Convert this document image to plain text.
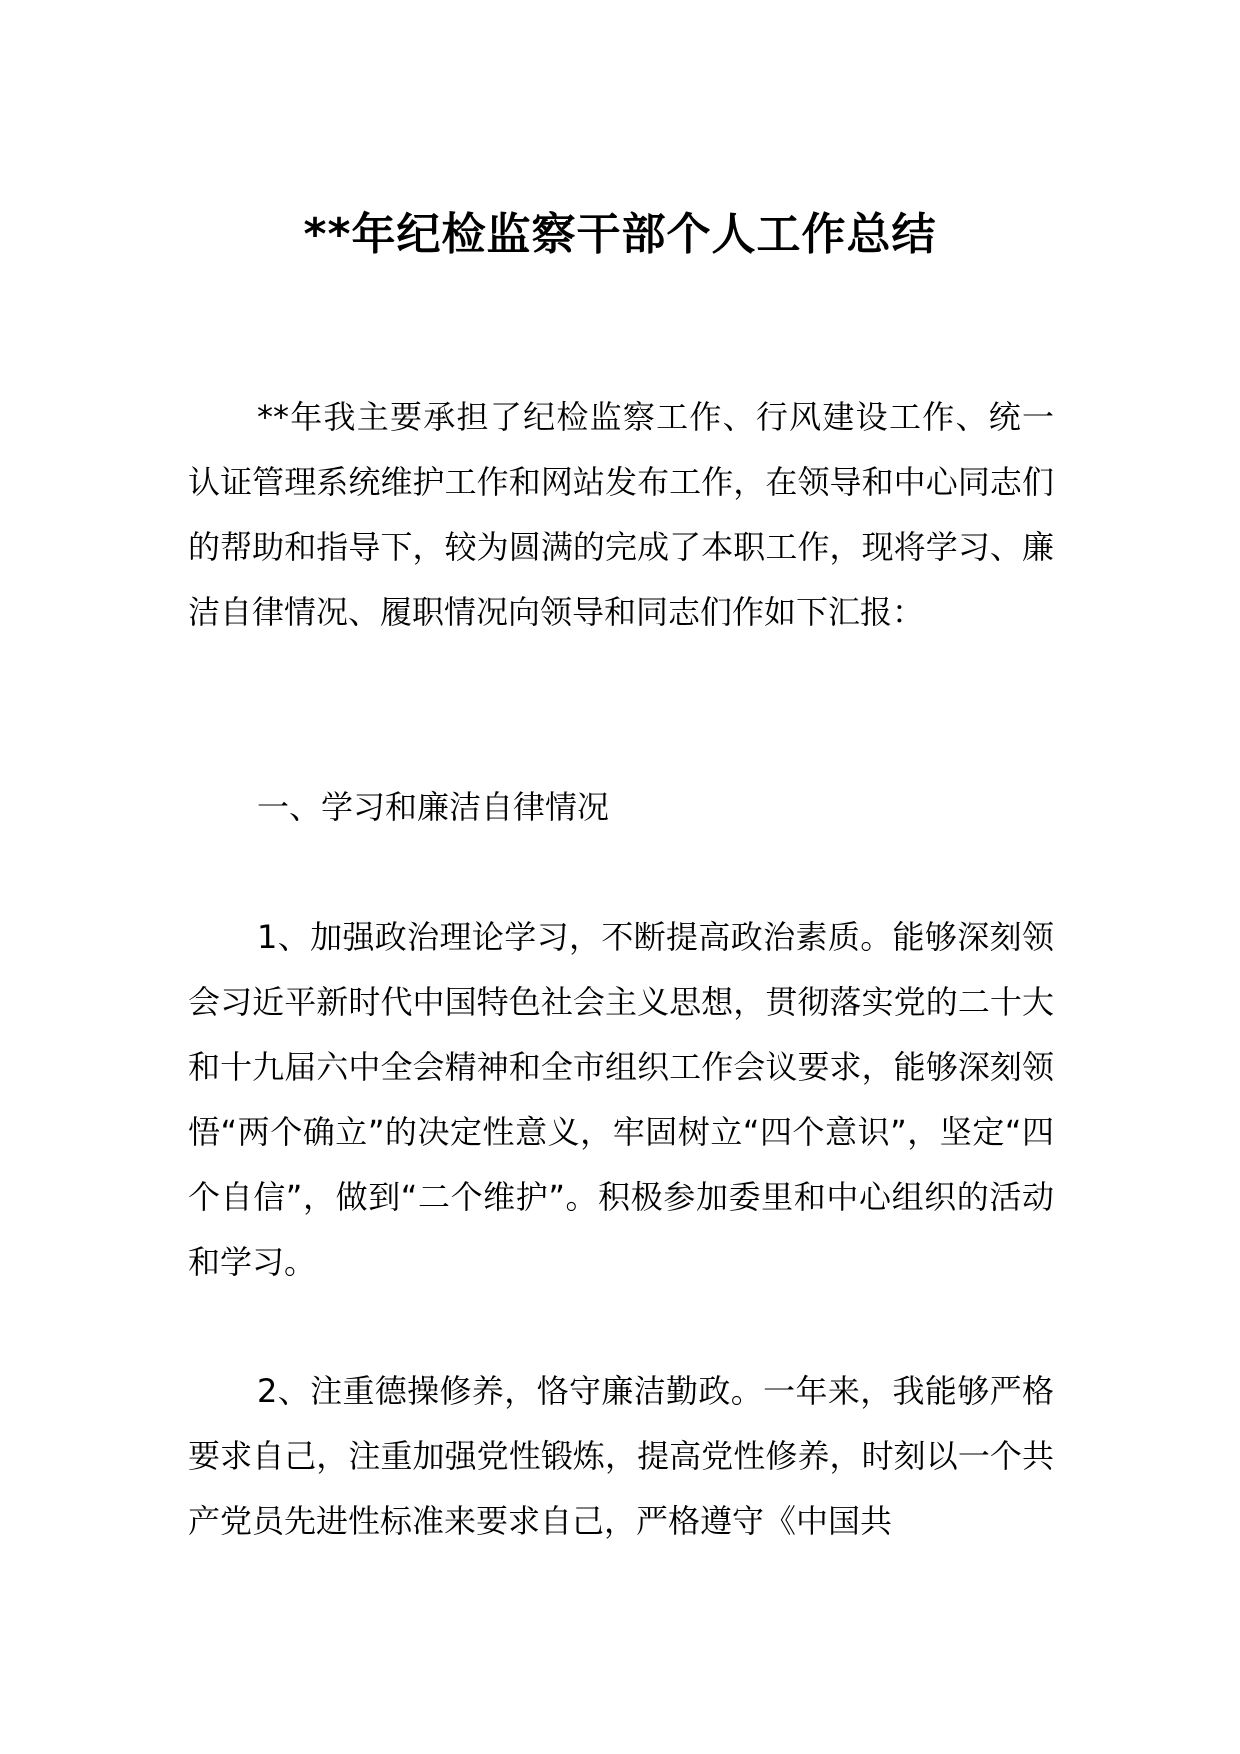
**年纪检监察干部个人工作总结

**年我主要承担了纪检监察工作、行风建设工作、统一认证管理系统维护工作和网站发布工作，在领导和中心同志们的帮助和指导下，较为圆满的完成了本职工作，现将学习、廉洁自律情况、履职情况向领导和同志们作如下汇报：

一、学习和廉洁自律情况

1、加强政治理论学习，不断提高政治素质。能够深刻领会习近平新时代中国特色社会主义思想，贯彻落实党的二十大和十九届六中全会精神和全市组织工作会议要求，能够深刻领悟“两个确立”的决定性意义，牢固树立“四个意识”，坚定“四个自信”，做到“二个维护”。积极参加委里和中心组织的活动和学习。

2、注重德操修养，恪守廉洁勤政。一年来，我能够严格要求自己，注重加强党性锻炼，提高党性修养，时刻以一个共产党员先进性标准来要求自己，严格遵守《中国共
